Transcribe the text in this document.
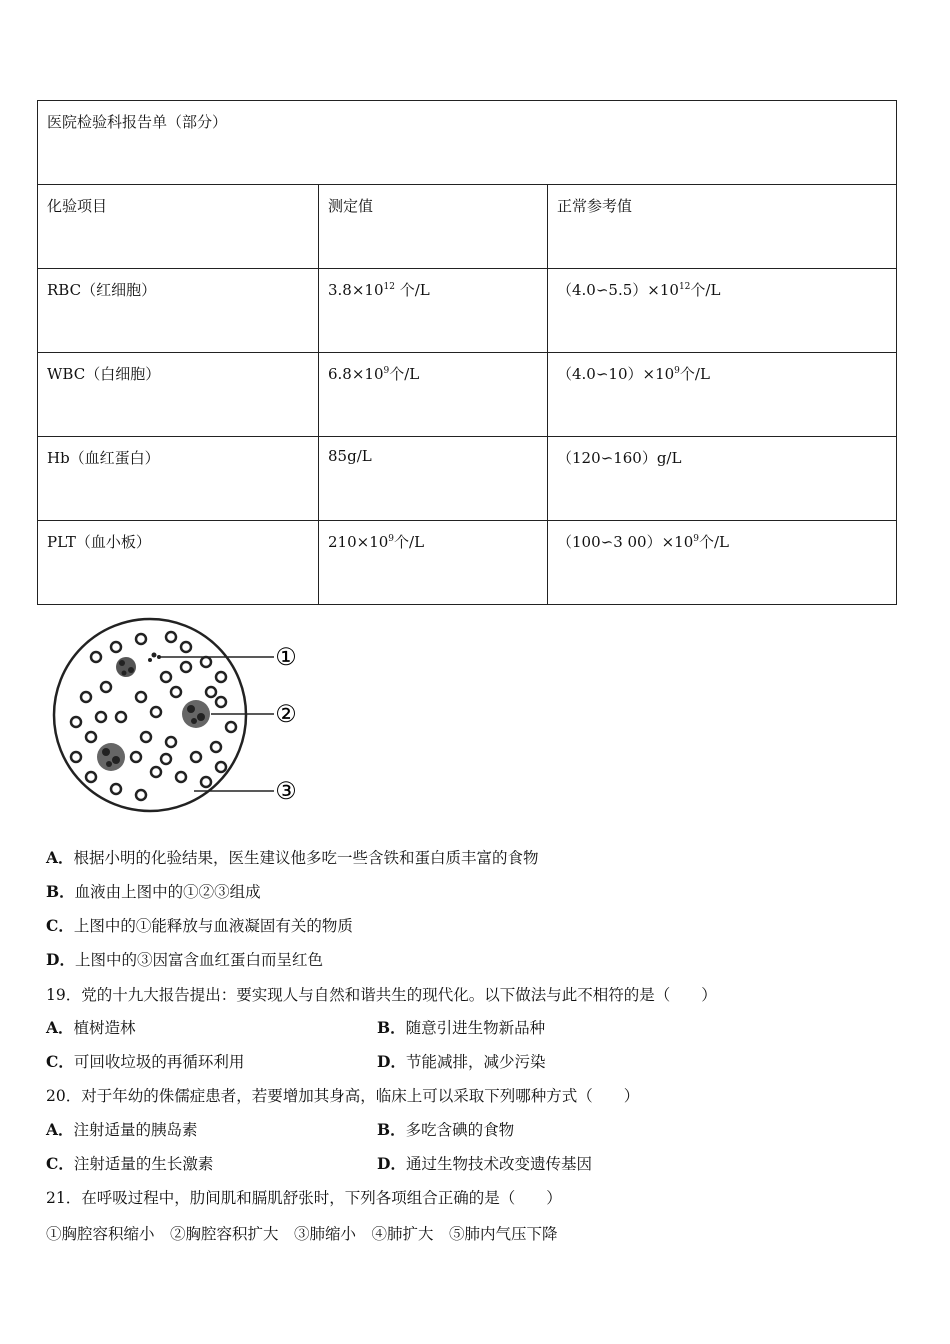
医院检验科报告单（部分）		
化验项目	测定值	正常参考值
RBC（红细胞）	$3.8\times 10^{12}$ 个/L	$(4.0∽5.5)\times 10^{12}$个/L
WBC（白细胞）	$6.8\times 10^9$个/L	$(4.0∽10)\times 10^9$个/L
Hb（血红蛋白）	85g/L	（120∽160）g/L
PLT（血小板）	$210\times 10^9$个/L	（100∽3 $00)\times 10^9$个/L
①
②
③
A．根据小明的化验结果，医生建议他多吃一些含铁和蛋白质丰富的食物
B．血液由上图中的①②③组成
C．上图中的①能释放与血液凝固有关的物质
D．上图中的③因富含血红蛋白而呈红色
19．党的十九大报告提出：要实现人与自然和谐共生的现代化。以下做法与此不相符的是（　　）
A．植树造林	B．随意引进生物新品种
C．可回收垃圾的再循环利用	D．节能减排，减少污染
20．对于年幼的侏儒症患者，若要增加其身高，临床上可以采取下列哪种方式（　　）
A．注射适量的胰岛素	B．多吃含碘的食物
C．注射适量的生长激素	D．通过生物技术改变遗传基因
21．在呼吸过程中，肋间肌和膈肌舒张时，下列各项组合正确的是（　　）
①胸腔容积缩小　②胸腔容积扩大　③肺缩小　④肺扩大　⑤肺内气压下降
